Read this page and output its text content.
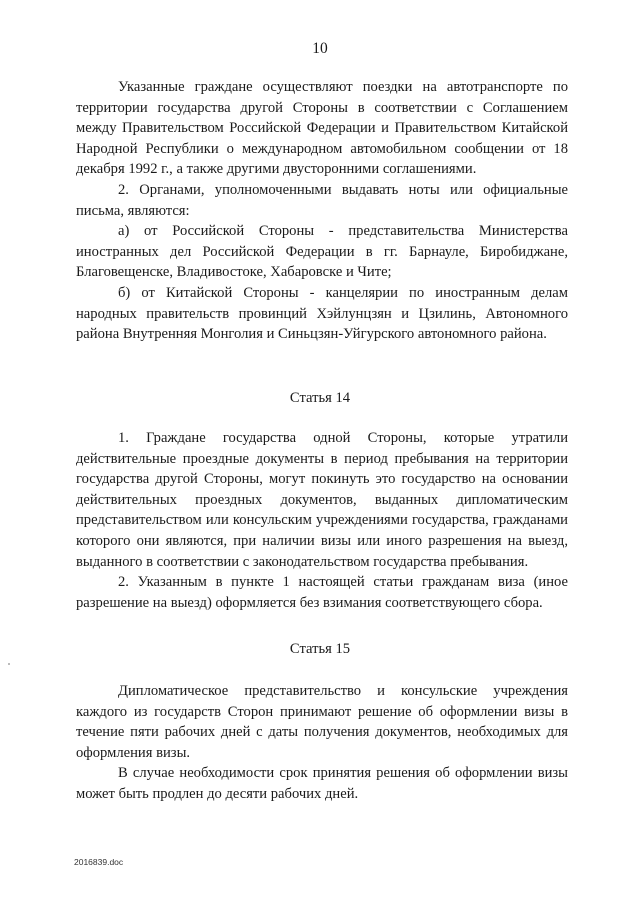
10

Указанные граждане осуществляют поездки на автотранспорте по территории государства другой Стороны в соответствии с Соглашением между Правительством Российской Федерации и Правительством Китайской Народной Республики о международном автомобильном сообщении от 18 декабря 1992 г., а также другими двусторонними соглашениями.

2. Органами, уполномоченными выдавать ноты или официальные письма, являются:

а) от Российской Стороны - представительства Министерства иностранных дел Российской Федерации в гг. Барнауле, Биробиджане, Благовещенске, Владивостоке, Хабаровске и Чите;

б) от Китайской Стороны - канцелярии по иностранным делам народных правительств провинций Хэйлунцзян и Цзилинь, Автономного района Внутренняя Монголия и Синьцзян-Уйгурского автономного района.

Статья 14

1. Граждане государства одной Стороны, которые утратили действительные проездные документы в период пребывания на территории государства другой Стороны, могут покинуть это государство на основании действительных проездных документов, выданных дипломатическим представительством или консульским учреждениями государства, гражданами которого они являются, при наличии визы или иного разрешения на выезд, выданного в соответствии с законодательством государства пребывания.

2. Указанным в пункте 1 настоящей статьи гражданам виза (иное разрешение на выезд) оформляется без взимания соответствующего сбора.

Статья 15

Дипломатическое представительство и консульские учреждения каждого из государств Сторон принимают решение об оформлении визы в течение пяти рабочих дней с даты получения документов, необходимых для оформления визы.

В случае необходимости срок принятия решения об оформлении визы может быть продлен до десяти рабочих дней.

2016839.doc
